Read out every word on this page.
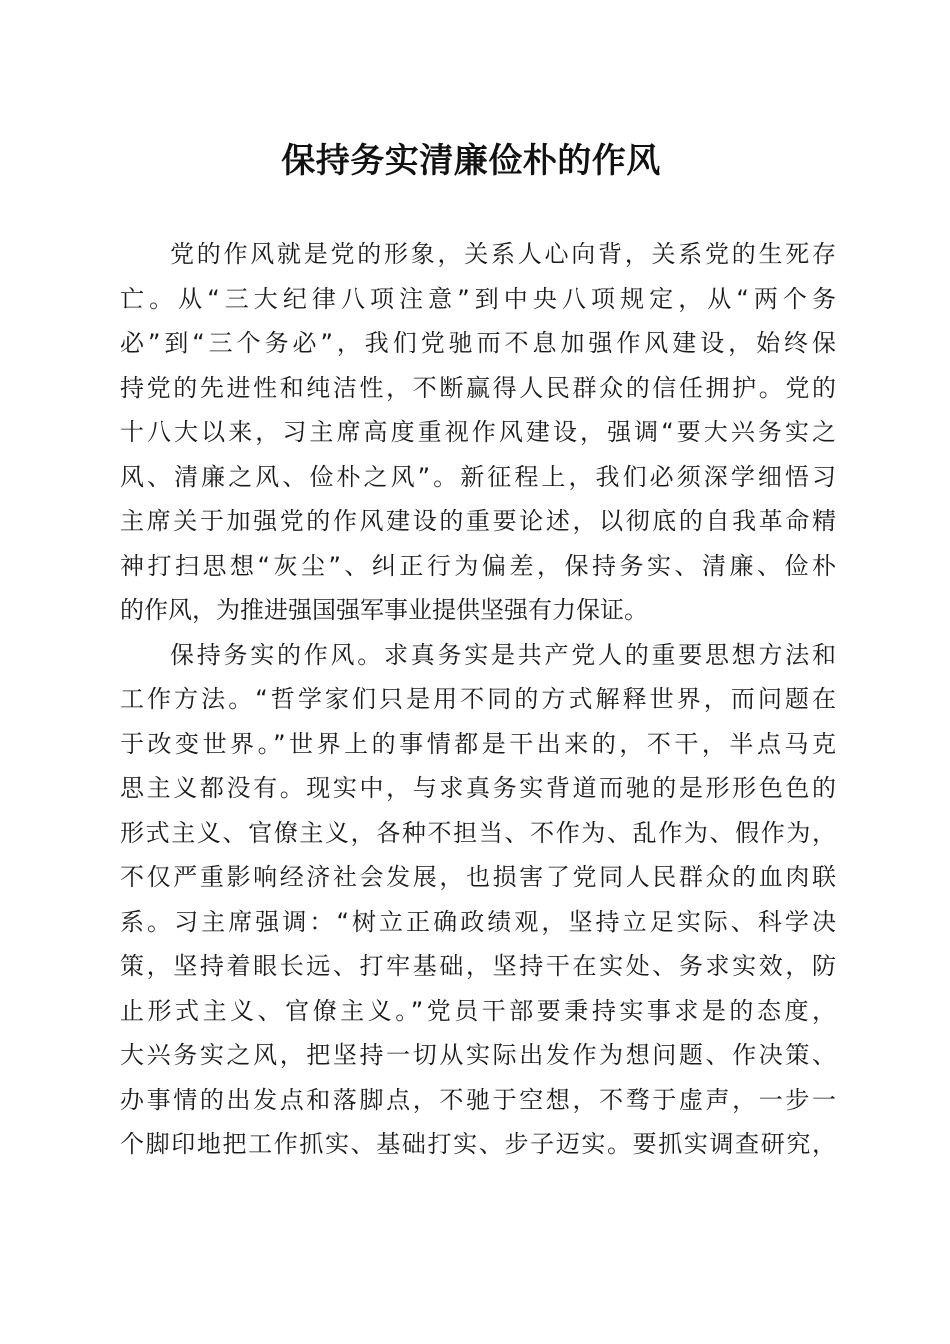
保持务实清廉俭朴的作风
党的作风就是党的形象，关系人心向背，关系党的生死存
亡。从“三大纪律八项注意”到中央八项规定，从“两个务
必”到“三个务必”，我们党驰而不息加强作风建设，始终保
持党的先进性和纯洁性，不断赢得人民群众的信任拥护。党的
十八大以来，习主席高度重视作风建设，强调“要大兴务实之
风、清廉之风、俭朴之风”。新征程上，我们必须深学细悟习
主席关于加强党的作风建设的重要论述，以彻底的自我革命精
神打扫思想“灰尘”、纠正行为偏差，保持务实、清廉、俭朴
的作风，为推进强国强军事业提供坚强有力保证。
保持务实的作风。求真务实是共产党人的重要思想方法和
工作方法。“哲学家们只是用不同的方式解释世界，而问题在
于改变世界。”世界上的事情都是干出来的，不干，半点马克
思主义都没有。现实中，与求真务实背道而驰的是形形色色的
形式主义、官僚主义，各种不担当、不作为、乱作为、假作为，
不仅严重影响经济社会发展，也损害了党同人民群众的血肉联
系。习主席强调：“树立正确政绩观，坚持立足实际、科学决
策，坚持着眼长远、打牢基础，坚持干在实处、务求实效，防
止形式主义、官僚主义。”党员干部要秉持实事求是的态度，
大兴务实之风，把坚持一切从实际出发作为想问题、作决策、
办事情的出发点和落脚点，不驰于空想，不骛于虚声，一步一
个脚印地把工作抓实、基础打实、步子迈实。要抓实调查研究，
